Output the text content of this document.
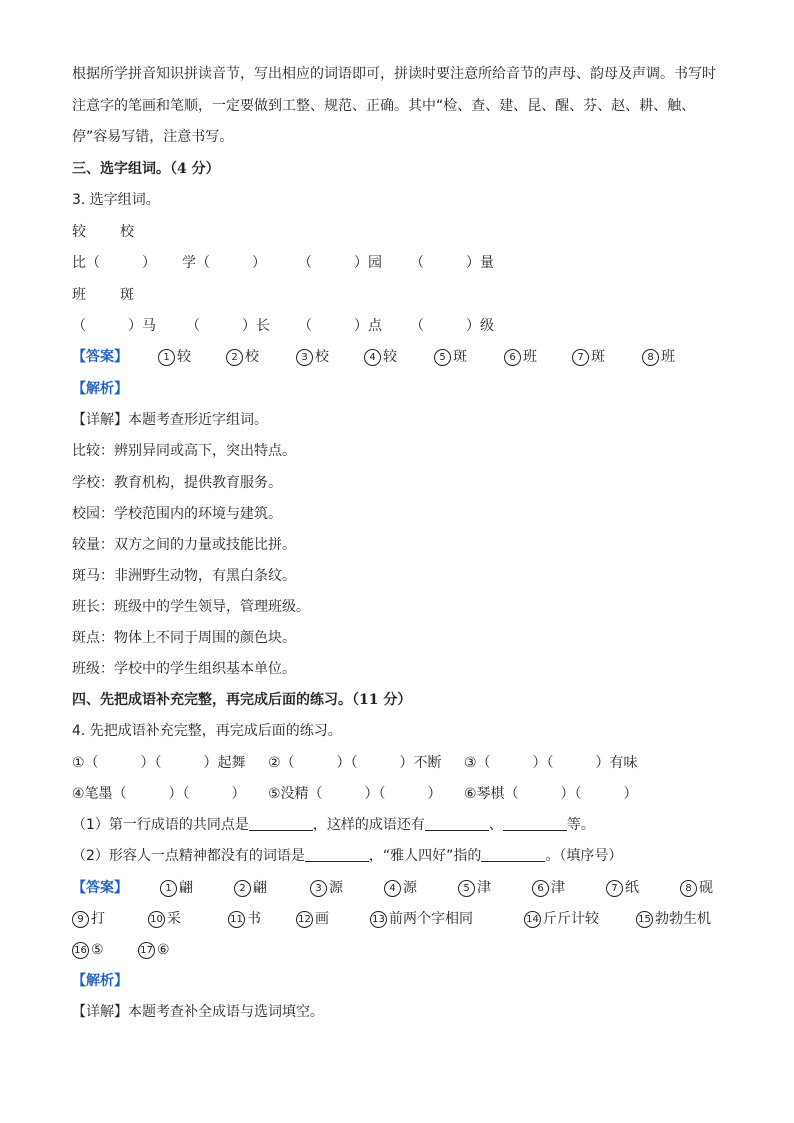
根据所学拼音知识拼读音节，写出相应的词语即可，拼读时要注意所给音节的声母、韵母及声调。书写时
注意字的笔画和笔顺，一定要做到工整、规范、正确。其中“检、查、建、昆、醒、芬、赵、耕、触、
停”容易写错，注意书写。
三、选字组词。（4 分）
3. 选字组词。
较 校
比（　　　） 学（　　　） （　　　）园 （　　　）量
班 斑
（　　　）马 （　　　）长 （　　　）点 （　　　）级
【答案】	1 较	2 校	3 校	4 较	5 斑	6 班	7 斑	8 班
【解析】
【详解】本题考查形近字组词。
比较：辨别异同或高下，突出特点。
学校：教育机构，提供教育服务。
校园：学校范围内的环境与建筑。
较量：双方之间的力量或技能比拼。
斑马：非洲野生动物，有黑白条纹。
班长：班级中的学生领导，管理班级。
斑点：物体上不同于周围的颜色块。
班级：学校中的学生组织基本单位。
四、先把成语补充完整，再完成后面的练习。（11 分）
4. 先把成语补充完整，再完成后面的练习。
①（　　　）（　　　）起舞 ②（　　　）（　　　）不断 ③（　　　）（　　　）有味
④笔墨（　　　）（　　　） ⑤没精（　　　）（　　　） ⑥琴棋（　　　）（　　　）
（1）第一行成语的共同点是	，这样的成语还有	、	等。
（2）形容人一点精神都没有的词语是	，“雅人四好”指的	。（填序号）
【答案】	1 翩	2 翩	3 源	4 源	5 津	6 津	7 纸	8 砚
9 打	10 采	11 书	12 画	13 前两个字相同	14 斤斤计较	15 勃勃生机
16 ⑤	17 ⑥
【解析】
【详解】本题考查补全成语与选词填空。
